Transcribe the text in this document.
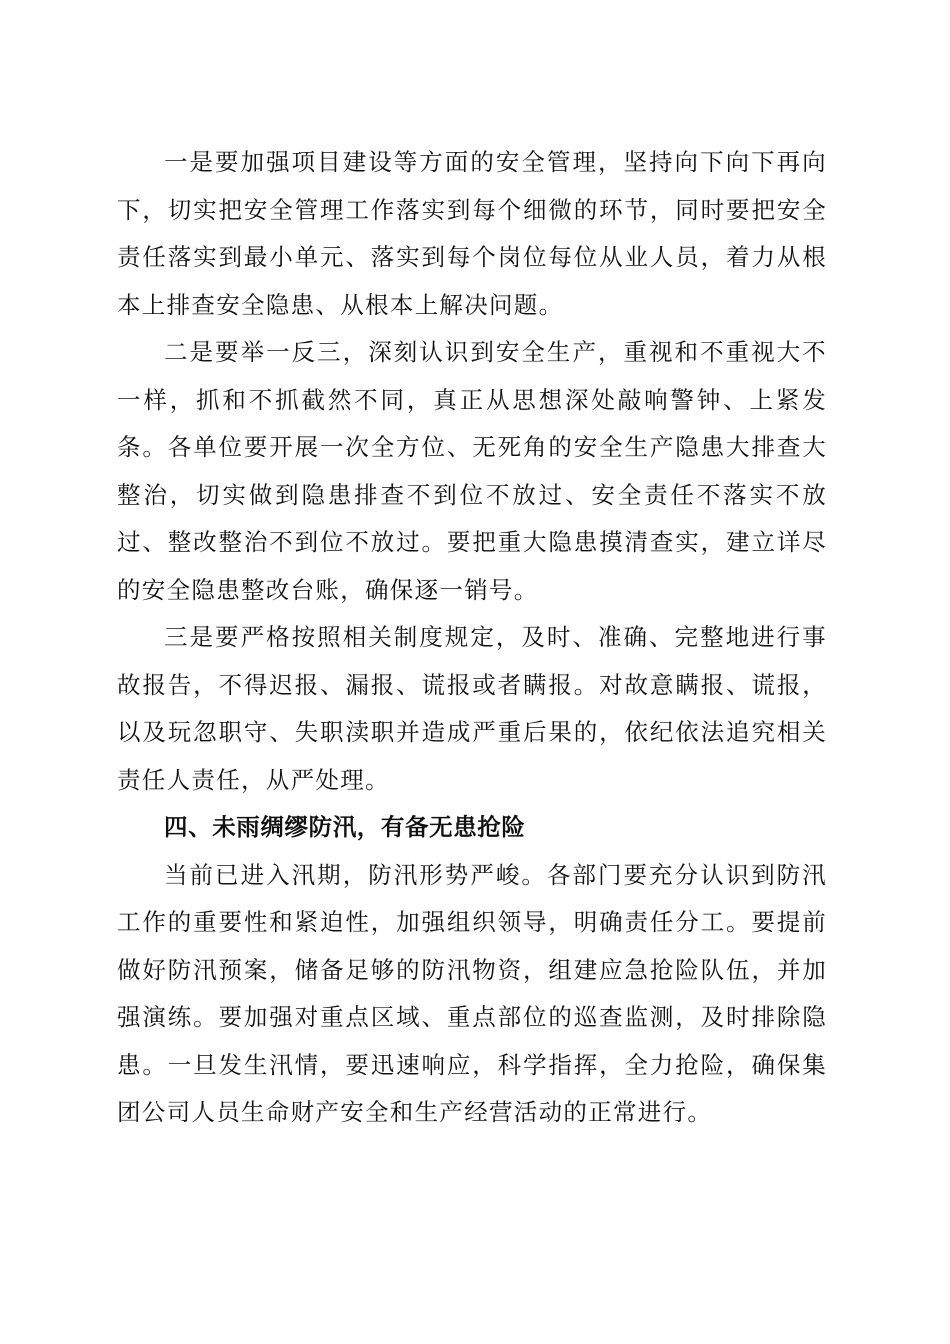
一是要加强项目建设等方面的安全管理，坚持向下向下再向下，切实把安全管理工作落实到每个细微的环节，同时要把安全责任落实到最小单元、落实到每个岗位每位从业人员，着力从根本上排查安全隐患、从根本上解决问题。

二是要举一反三，深刻认识到安全生产，重视和不重视大不一样，抓和不抓截然不同，真正从思想深处敲响警钟、上紧发条。各单位要开展一次全方位、无死角的安全生产隐患大排查大整治，切实做到隐患排查不到位不放过、安全责任不落实不放过、整改整治不到位不放过。要把重大隐患摸清查实，建立详尽的安全隐患整改台账，确保逐一销号。

三是要严格按照相关制度规定，及时、准确、完整地进行事故报告，不得迟报、漏报、谎报或者瞒报。对故意瞒报、谎报，以及玩忽职守、失职渎职并造成严重后果的，依纪依法追究相关责任人责任，从严处理。

四、未雨绸缪防汛，有备无患抢险

当前已进入汛期，防汛形势严峻。各部门要充分认识到防汛工作的重要性和紧迫性，加强组织领导，明确责任分工。要提前做好防汛预案，储备足够的防汛物资，组建应急抢险队伍，并加强演练。要加强对重点区域、重点部位的巡查监测，及时排除隐患。一旦发生汛情，要迅速响应，科学指挥，全力抢险，确保集团公司人员生命财产安全和生产经营活动的正常进行。
